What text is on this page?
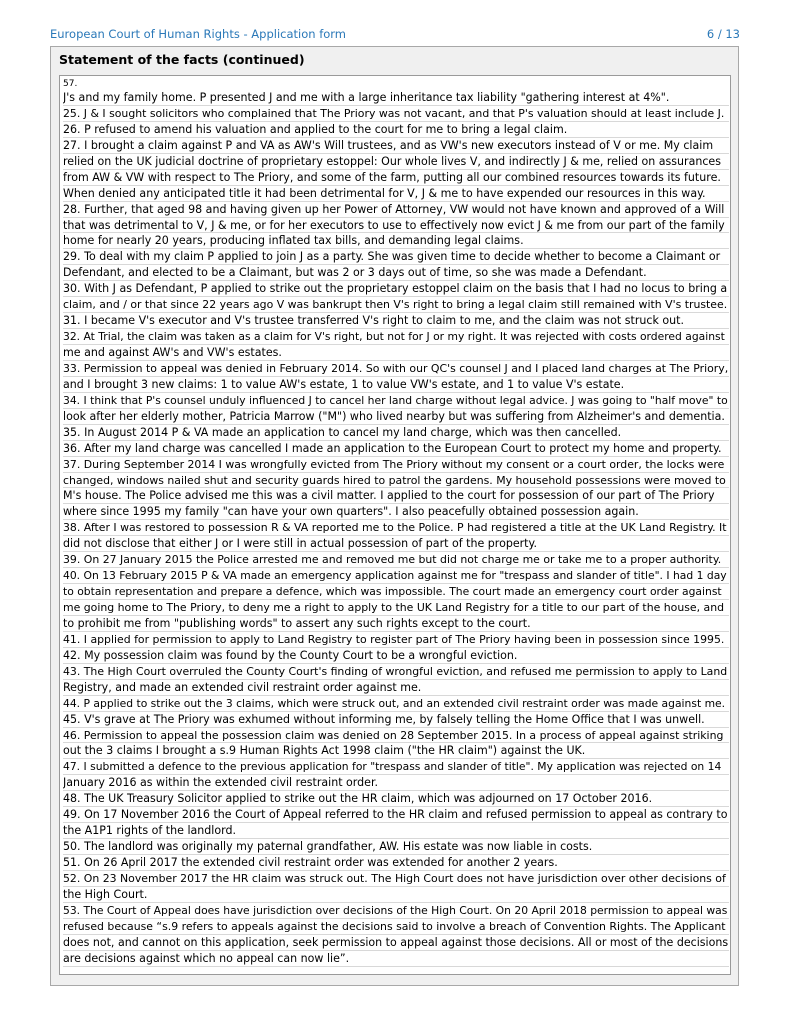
European Court of Human Rights - Application form	6 / 13
Statement of the facts (continued)
57.
J's and my family home. P presented J and me with a large inheritance tax liability "gathering interest at 4%".
25. J & I sought solicitors who complained that The Priory was not vacant, and that P's valuation should at least include J.
26. P refused to amend his valuation and applied to the court for me to bring a legal claim.
27. I brought a claim against P and VA as AW's Will trustees, and as VW's new executors instead of V or me. My claim
relied on the UK judicial doctrine of proprietary estoppel: Our whole lives V, and indirectly J & me, relied on assurances
from AW & VW with respect to The Priory, and some of the farm, putting all our combined resources towards its future.
When denied any anticipated title it had been detrimental for V, J & me to have expended our resources in this way.
28. Further, that aged 98 and having given up her Power of Attorney, VW would not have known and approved of a Will
that was detrimental to V, J & me, or for her executors to use to effectively now evict J & me from our part of the family
home for nearly 20 years, producing inflated tax bills, and demanding legal claims.
29. To deal with my claim P applied to join J as a party. She was given time to decide whether to become a Claimant or
Defendant, and elected to be a Claimant, but was 2 or 3 days out of time, so she was made a Defendant.
30. With J as Defendant, P applied to strike out the proprietary estoppel claim on the basis that I had no locus to bring a
claim, and / or that since 22 years ago V was bankrupt then V's right to bring a legal claim still remained with V's trustee.
31. I became V's executor and V's trustee transferred V's right to claim to me, and the claim was not struck out.
32. At Trial, the claim was taken as a claim for V's right, but not for J or my right. It was rejected with costs ordered against
me and against AW's and VW's estates.
33. Permission to appeal was denied in February 2014. So with our QC's counsel J and I placed land charges at The Priory,
and I brought 3 new claims: 1 to value AW's estate, 1 to value VW's estate, and 1 to value V's estate.
34. I think that P's counsel unduly influenced J to cancel her land charge without legal advice. J was going to "half move" to
look after her elderly mother, Patricia Marrow ("M") who lived nearby but was suffering from Alzheimer's and dementia.
35. In August 2014 P & VA made an application to cancel my land charge, which was then cancelled.
36. After my land charge was cancelled I made an application to the European Court to protect my home and property.
37. During September 2014 I was wrongfully evicted from The Priory without my consent or a court order, the locks were
changed, windows nailed shut and security guards hired to patrol the gardens. My household possessions were moved to
M's house. The Police advised me this was a civil matter. I applied to the court for possession of our part of The Priory
where since 1995 my family "can have your own quarters". I also peacefully obtained possession again.
38. After I was restored to possession R & VA reported me to the Police. P had registered a title at the UK Land Registry. It
did not disclose that either J or I were still in actual possession of part of the property.
39. On 27 January 2015 the Police arrested me and removed me but did not charge me or take me to a proper authority.
40. On 13 February 2015 P & VA made an emergency application against me for "trespass and slander of title". I had 1 day
to obtain representation and prepare a defence, which was impossible. The court made an emergency court order against
me going home to The Priory, to deny me a right to apply to the UK Land Registry for a title to our part of the house, and
to prohibit me from "publishing words" to assert any such rights except to the court.
41. I applied for permission to apply to Land Registry to register part of The Priory having been in possession since 1995.
42. My possession claim was found by the County Court to be a wrongful eviction.
43. The High Court overruled the County Court's finding of wrongful eviction, and refused me permission to apply to Land
Registry, and made an extended civil restraint order against me.
44. P applied to strike out the 3 claims, which were struck out, and an extended civil restraint order was made against me.
45. V's grave at The Priory was exhumed without informing me, by falsely telling the Home Office that I was unwell.
46. Permission to appeal the possession claim was denied on 28 September 2015. In a process of appeal against striking
out the 3 claims I brought a s.9 Human Rights Act 1998 claim ("the HR claim") against the UK.
47. I submitted a defence to the previous application for "trespass and slander of title". My application was rejected on 14
January 2016 as within the extended civil restraint order.
48. The UK Treasury Solicitor applied to strike out the HR claim, which was adjourned on 17 October 2016.
49. On 17 November 2016 the Court of Appeal referred to the HR claim and refused permission to appeal as contrary to
the A1P1 rights of the landlord.
50. The landlord was originally my paternal grandfather, AW. His estate was now liable in costs.
51. On 26 April 2017 the extended civil restraint order was extended for another 2 years.
52. On 23 November 2017 the HR claim was struck out. The High Court does not have jurisdiction over other decisions of
the High Court.
53. The Court of Appeal does have jurisdiction over decisions of the High Court. On 20 April 2018 permission to appeal was
refused because “s.9 refers to appeals against the decisions said to involve a breach of Convention Rights. The Applicant
does not, and cannot on this application, seek permission to appeal against those decisions. All or most of the decisions
are decisions against which no appeal can now lie”.
